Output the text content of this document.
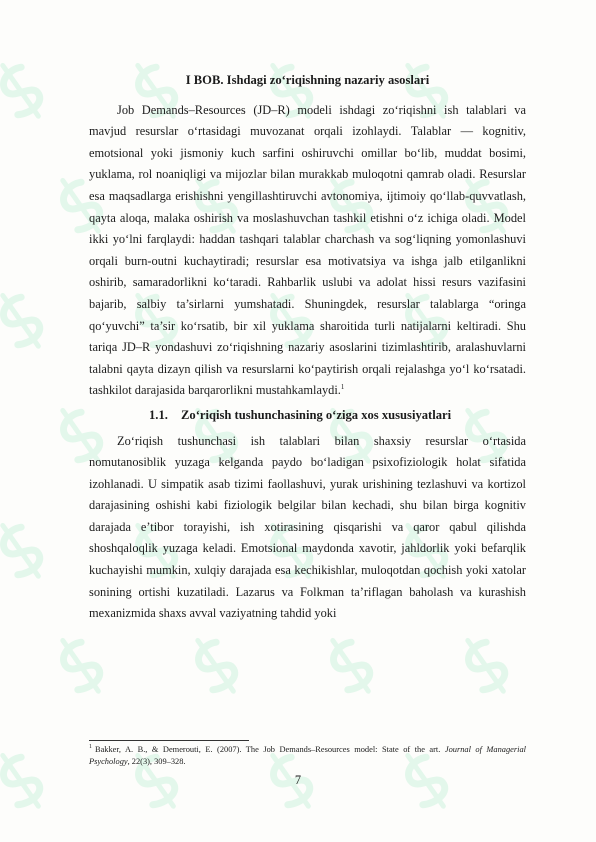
I BOB. Ishdagi zo‘riqishning nazariy asoslari

Job Demands–Resources (JD–R) modeli ishdagi zo‘riqishni ish talablari va mavjud resurslar o‘rtasidagi muvozanat orqali izohlaydi. Talablar — kognitiv, emotsional yoki jismoniy kuch sarfini oshiruvchi omillar bo‘lib, muddat bosimi, yuklama, rol noaniqligi va mijozlar bilan murakkab muloqotni qamrab oladi. Resurslar esa maqsadlarga erishishni yengillashtiruvchi avtonomiya, ijtimoiy qo‘llab-quvvatlash, qayta aloqa, malaka oshirish va moslashuvchan tashkil etishni o‘z ichiga oladi. Model ikki yo‘lni farqlaydi: haddan tashqari talablar charchash va sog‘liqning yomonlashuvi orqali burn-outni kuchaytiradi; resurslar esa motivatsiya va ishga jalb etilganlikni oshirib, samaradorlikni ko‘taradi. Rahbarlik uslubi va adolat hissi resurs vazifasini bajarib, salbiy ta’sirlarni yumshatadi. Shuningdek, resurslar talablarga “oringa qo‘yuvchi” ta’sir ko‘rsatib, bir xil yuklama sharoitida turli natijalarni keltiradi. Shu tariqa JD–R yondashuvi zo‘riqishning nazariy asoslarini tizimlashtirib, aralashuvlarni talabni qayta dizayn qilish va resurslarni ko‘paytirish orqali rejalashga yo‘l ko‘rsatadi. tashkilot darajasida barqarorlikni mustahkamlaydi.$^1$

1.1. Zo‘riqish tushunchasining o‘ziga xos xususiyatlari

Zo‘riqish tushunchasi ish talablari bilan shaxsiy resurslar o‘rtasida nomutanosiblik yuzaga kelganda paydo bo‘ladigan psixofiziologik holat sifatida izohlanadi. U simpatik asab tizimi faollashuvi, yurak urishining tezlashuvi va kortizol darajasining oshishi kabi fiziologik belgilar bilan kechadi, shu bilan birga kognitiv darajada e’tibor torayishi, ish xotirasining qisqarishi va qaror qabul qilishda shoshqaloqlik yuzaga keladi. Emotsional maydonda xavotir, jahldorlik yoki befarqlik kuchayishi mumkin, xulqiy darajada esa kechikishlar, muloqotdan qochish yoki xatolar sonining ortishi kuzatiladi. Lazarus va Folkman ta’riflagan baholash va kurashish mexanizmida shaxs avval vaziyatning tahdid yoki

$^1$ Bakker, A. B., & Demerouti, E. (2007). The Job Demands–Resources model: State of the art. Journal of Managerial Psychology, 22(3), 309–328.
7
